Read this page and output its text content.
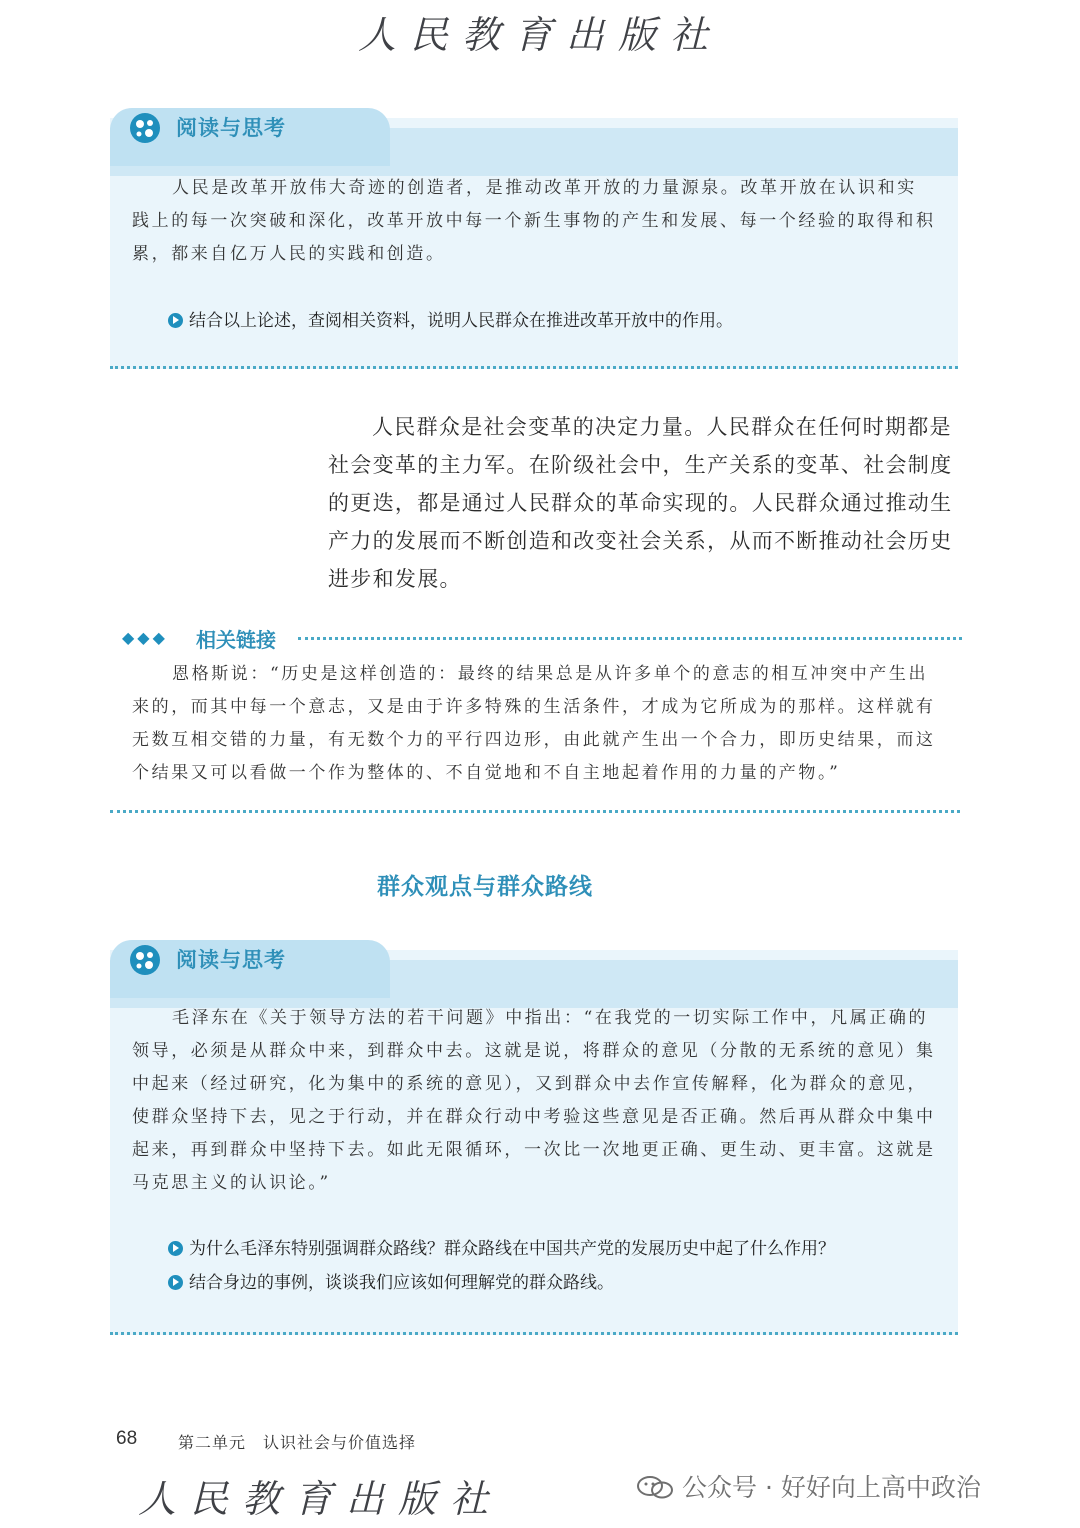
人民教育出版社
阅读与思考
人民是改革开放伟大奇迹的创造者，是推动改革开放的力量源泉。改革开放在认识和实践上的每一次突破和深化，改革开放中每一个新生事物的产生和发展、每一个经验的取得和积累，都来自亿万人民的实践和创造。
结合以上论述，查阅相关资料，说明人民群众在推进改革开放中的作用。

人民群众是社会变革的决定力量。人民群众在任何时期都是社会变革的主力军。在阶级社会中，生产关系的变革、社会制度的更迭，都是通过人民群众的革命实现的。人民群众通过推动生产力的发展而不断创造和改变社会关系，从而不断推动社会历史进步和发展。

◆◆◆ 相关链接

恩格斯说：“历史是这样创造的：最终的结果总是从许多单个的意志的相互冲突中产生出来的，而其中每一个意志，又是由于许多特殊的生活条件，才成为它所成为的那样。这样就有无数互相交错的力量，有无数个力的平行四边形，由此就产生出一个合力，即历史结果，而这个结果又可以看做一个作为整体的、不自觉地和不自主地起着作用的力量的产物。”

群众观点与群众路线
阅读与思考
毛泽东在《关于领导方法的若干问题》中指出：“在我党的一切实际工作中，凡属正确的领导，必须是从群众中来，到群众中去。这就是说，将群众的意见（分散的无系统的意见）集中起来（经过研究，化为集中的系统的意见），又到群众中去作宣传解释，化为群众的意见，使群众坚持下去，见之于行动，并在群众行动中考验这些意见是否正确。然后再从群众中集中起来，再到群众中坚持下去。如此无限循环，一次比一次地更正确、更生动、更丰富。这就是马克思主义的认识论。”
为什么毛泽东特别强调群众路线？群众路线在中国共产党的发展历史中起了什么作用？
结合身边的事例，谈谈我们应该如何理解党的群众路线。
68	第二单元　认识社会与价值选择
人民教育出版社	公众号 · 好好向上高中政治
